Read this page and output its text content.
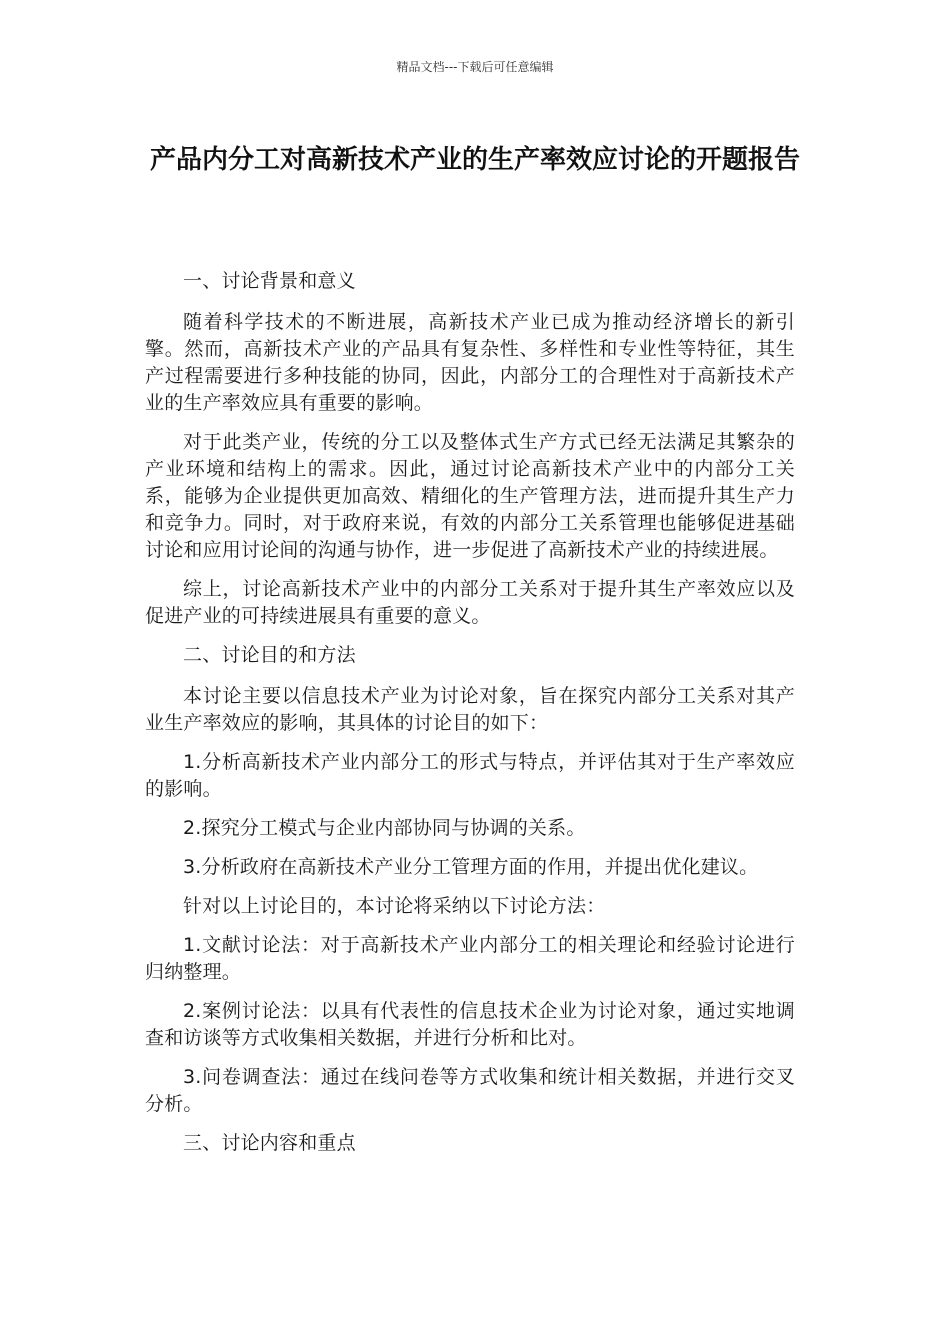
精品文档---下载后可任意编辑
产品内分工对高新技术产业的生产率效应讨论的开题报告

一、讨论背景和意义

随着科学技术的不断进展，高新技术产业已成为推动经济增长的新引擎。然而，高新技术产业的产品具有复杂性、多样性和专业性等特征，其生产过程需要进行多种技能的协同，因此，内部分工的合理性对于高新技术产业的生产率效应具有重要的影响。

对于此类产业，传统的分工以及整体式生产方式已经无法满足其繁杂的产业环境和结构上的需求。因此，通过讨论高新技术产业中的内部分工关系，能够为企业提供更加高效、精细化的生产管理方法，进而提升其生产力和竞争力。同时，对于政府来说，有效的内部分工关系管理也能够促进基础讨论和应用讨论间的沟通与协作，进一步促进了高新技术产业的持续进展。

综上，讨论高新技术产业中的内部分工关系对于提升其生产率效应以及促进产业的可持续进展具有重要的意义。

二、讨论目的和方法

本讨论主要以信息技术产业为讨论对象，旨在探究内部分工关系对其产业生产率效应的影响，其具体的讨论目的如下：

1.分析高新技术产业内部分工的形式与特点，并评估其对于生产率效应的影响。

2.探究分工模式与企业内部协同与协调的关系。

3.分析政府在高新技术产业分工管理方面的作用，并提出优化建议。

针对以上讨论目的，本讨论将采纳以下讨论方法：

1.文献讨论法：对于高新技术产业内部分工的相关理论和经验讨论进行归纳整理。

2.案例讨论法：以具有代表性的信息技术企业为讨论对象，通过实地调查和访谈等方式收集相关数据，并进行分析和比对。

3.问卷调查法：通过在线问卷等方式收集和统计相关数据，并进行交叉分析。

三、讨论内容和重点
